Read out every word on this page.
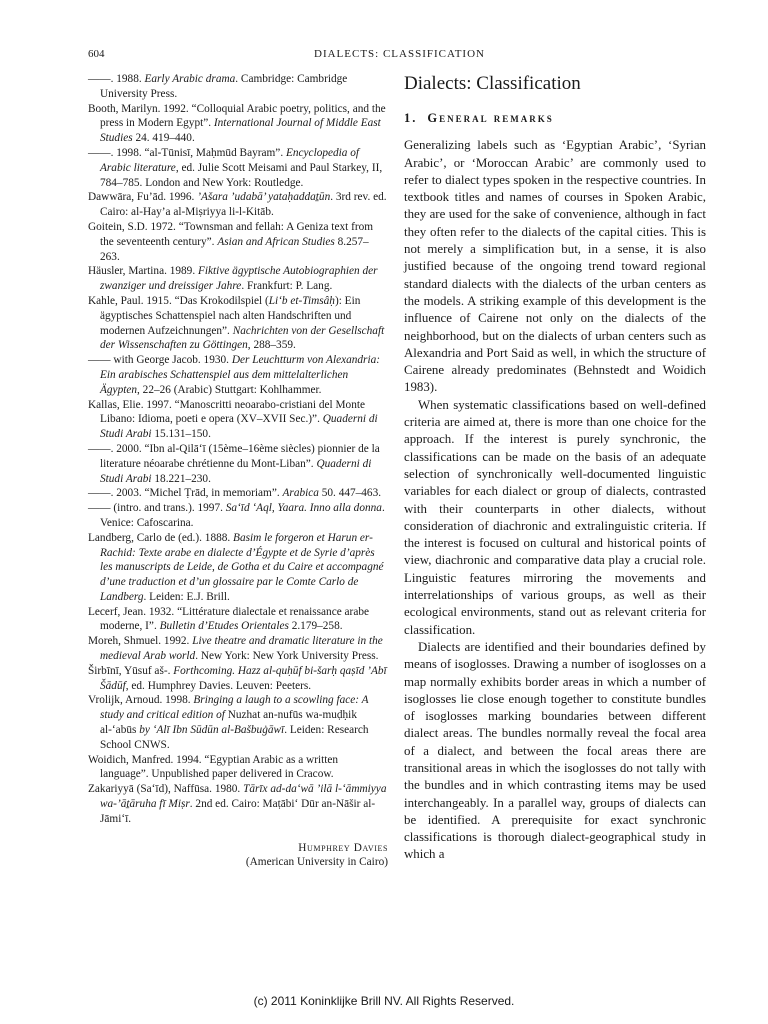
604	DIALECTS: CLASSIFICATION

——. 1988. Early Arabic drama. Cambridge: Cambridge University Press.

Booth, Marilyn. 1992. “Colloquial Arabic poetry, politics, and the press in Modern Egypt”. International Journal of Middle East Studies 24. 419–440.

——. 1998. “al-Tūnisī, Maḥmūd Bayram”. Encyclopedia of Arabic literature, ed. Julie Scott Meisami and Paul Starkey, II, 784–785. London and New York: Routledge.

Dawwāra, Fu’ād. 1996. ’Ašara ’udabā’ yataḥaddaṯūn. 3rd rev. ed. Cairo: al-Hay’a al-Miṣriyya li-l-Kitāb.

Goitein, S.D. 1972. “Townsman and fellah: A Geniza text from the seventeenth century”. Asian and African Studies 8.257–263.

Häusler, Martina. 1989. Fiktive ägyptische Autobiographien der zwanziger und dreissiger Jahre. Frankfurt: P. Lang.

Kahle, Paul. 1915. “Das Krokodilspiel (Li‘b et-Timsâḥ): Ein ägyptisches Schattenspiel nach alten Handschriften und modernen Aufzeichnungen”. Nachrichten von der Gesellschaft der Wissenschaften zu Göttingen, 288–359.

—— with George Jacob. 1930. Der Leuchtturm von Alexandria: Ein arabisches Schattenspiel aus dem mittelalterlichen Ägypten, 22–26 (Arabic) Stuttgart: Kohlhammer.

Kallas, Elie. 1997. “Manoscritti neoarabo-cristiani del Monte Libano: Idioma, poeti e opera (XV–XVII Sec.)”. Quaderni di Studi Arabi 15.131–150.

——. 2000. “Ibn al-Qilā‘ī (15ème–16ème siècles) pionnier de la literature néoarabe chrétienne du Mont-Liban”. Quaderni di Studi Arabi 18.221–230.

——. 2003. “Michel Ṭrād, in memoriam”. Arabica 50. 447–463.

—— (intro. and trans.). 1997. Sa‘īd ‘Aql, Yaara. Inno alla donna. Venice: Cafoscarina.

Landberg, Carlo de (ed.). 1888. Basim le forgeron et Harun er-Rachid: Texte arabe en dialecte d’Égypte et de Syrie d’après les manuscripts de Leide, de Gotha et du Caire et accompagné d’une traduction et d’un glossaire par le Comte Carlo de Landberg. Leiden: E.J. Brill.

Lecerf, Jean. 1932. “Littérature dialectale et renaissance arabe moderne, I”. Bulletin d’Etudes Orientales 2.179–258.

Moreh, Shmuel. 1992. Live theatre and dramatic literature in the medieval Arab world. New York: New York University Press.

Širbīnī, Yūsuf aš-. Forthcoming. Hazz al-quḥūf bi-šarḥ qaṣīd ’Abī Šādūf, ed. Humphrey Davies. Leuven: Peeters.

Vrolijk, Arnoud. 1998. Bringing a laugh to a scowling face: A study and critical edition of Nuzhat an-nufūs wa-muḍḥik al-‘abūs by ‘Alī Ibn Sūdūn al-Bašbuġāwī. Leiden: Research School CNWS.

Woidich, Manfred. 1994. “Egyptian Arabic as a written language”. Unpublished paper delivered in Cracow.

Zakariyyā (Sa‘īd), Naffūsa. 1980. Tārīx ad-da‘wā ’ilā l-‘āmmiyya wa-’āṯāruha fī Miṣr. 2nd ed. Cairo: Maṭābi‘ Dūr an-Nāšir al-Jāmi‘ī.

Humphrey Davies
(American University in Cairo)
Dialects: Classification
1. General remarks

Generalizing labels such as ‘Egyptian Arabic’, ‘Syrian Arabic’, or ‘Moroccan Arabic’ are commonly used to refer to dialect types spoken in the respective countries. In textbook titles and names of courses in Spoken Arabic, they are used for the sake of convenience, although in fact they often refer to the dialects of the capital cities. This is not merely a simplification but, in a sense, it is also justified because of the ongoing trend toward regional standard dialects with the dialects of the urban centers as the models. A striking example of this development is the influence of Cairene not only on the dialects of the neighborhood, but on the dialects of urban centers such as Alexandria and Port Said as well, in which the structure of Cairene already predominates (Behnstedt and Woidich 1983).

When systematic classifications based on well-defined criteria are aimed at, there is more than one choice for the approach. If the interest is purely synchronic, the classifications can be made on the basis of an adequate selection of synchronically well-documented linguistic variables for each dialect or group of dialects, contrasted with their counterparts in other dialects, without consideration of diachronic and extralinguistic criteria. If the interest is focused on cultural and historical points of view, diachronic and comparative data play a crucial role. Linguistic features mirroring the movements and interrelationships of various groups, as well as their ecological environments, stand out as relevant criteria for classification.

Dialects are identified and their boundaries defined by means of isoglosses. Drawing a number of isoglosses on a map normally exhibits border areas in which a number of isoglosses lie close enough together to constitute bundles of isoglosses marking boundaries between different dialect areas. The bundles normally reveal the focal area of a dialect, and between the focal areas there are transitional areas in which the isoglosses do not tally with the bundles and in which contrasting items may be used interchangeably. In a parallel way, groups of dialects can be identified. A prerequisite for exact synchronic classifications is thorough dialect-geographical study in which a

(c) 2011 Koninklijke Brill NV. All Rights Reserved.
